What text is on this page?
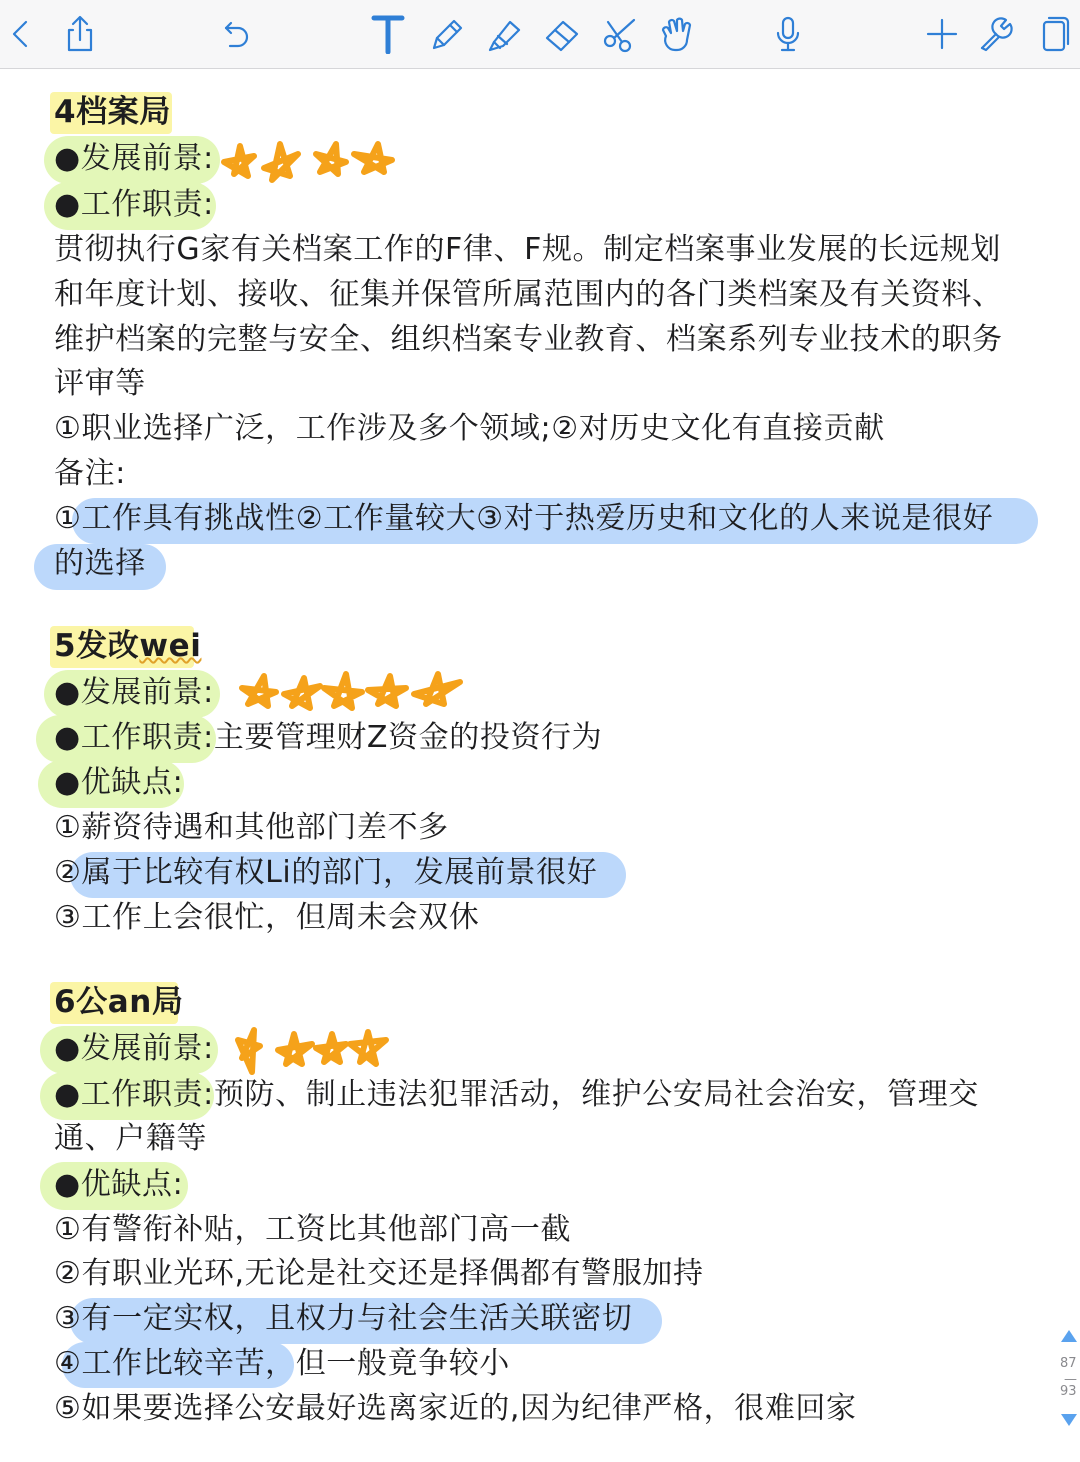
4档案局
●发展前景:
●工作职责:
贯彻执行G家有关档案工作的F律、F规。制定档案事业发展的长远规划
和年度计划、接收、征集并保管所属范围内的各门类档案及有关资料、
维护档案的完整与安全、组织档案专业教育、档案系列专业技术的职务
评审等
①职业选择广泛，工作涉及多个领域;②对历史文化有直接贡献
备注:
①工作具有挑战性②工作量较大③对于热爱历史和文化的人来说是很好
的选择
5发改wei
●发展前景:
●工作职责:主要管理财Z资金的投资行为
●优缺点:
①薪资待遇和其他部门差不多
②属于比较有权Li的部门，发展前景很好
③工作上会很忙，但周未会双休
6公an局
●发展前景:
●工作职责:预防、制止违法犯罪活动，维护公安局社会治安，管理交
通、户籍等
●优缺点:
①有警衔补贴，工资比其他部门高一截
②有职业光环,无论是社交还是择偶都有警服加持
③有一定实权，且权力与社会生活关联密切
④工作比较辛苦，但一般竟争较小
⑤如果要选择公安最好选离家近的,因为纪律严格，很难回家
87
—
93
